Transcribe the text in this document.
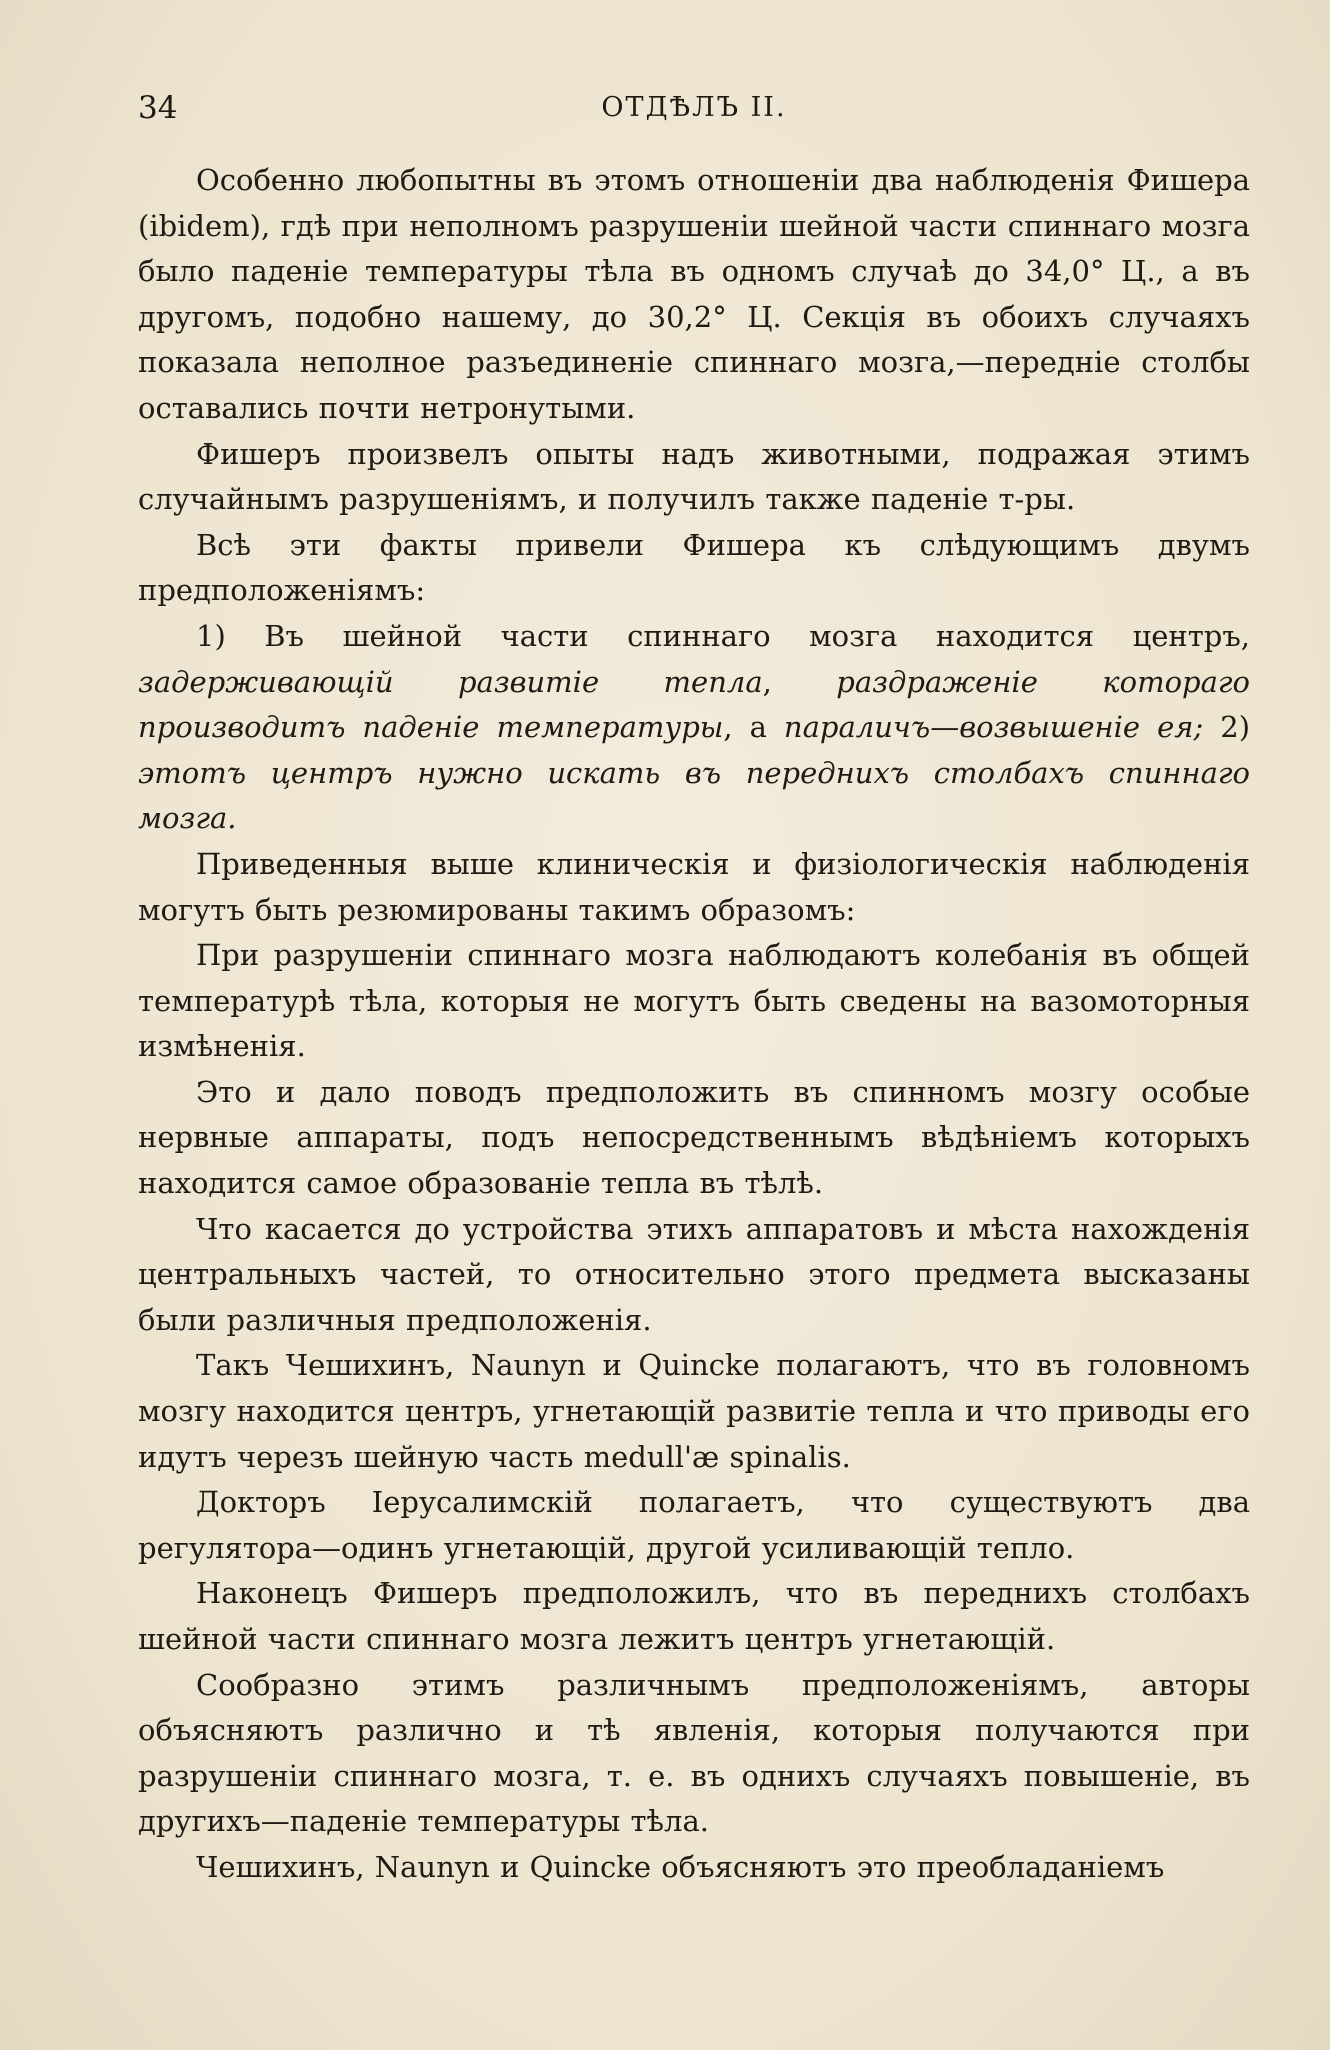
34	ОТДѢЛЪ II.

Особенно любопытны въ этомъ отношеніи два наблюденія Фишера (ibidem), гдѣ при неполномъ разрушеніи шейной части спиннаго мозга было паденіе температуры тѣла въ одномъ случаѣ до 34,0° Ц., а въ другомъ, подобно нашему, до 30,2° Ц. Секція въ обоихъ случаяхъ показала неполное разъединеніе спиннаго мозга,—передніе столбы оставались почти нетронутыми.

Фишеръ произвелъ опыты надъ животными, подражая этимъ случайнымъ разрушеніямъ, и получилъ также паденіе т-ры.

Всѣ эти факты привели Фишера къ слѣдующимъ двумъ предположеніямъ:

1) Въ шейной части спиннаго мозга находится центръ, задерживающій развитіе тепла, раздраженіе котораго производитъ паденіе температуры, а параличъ—возвышеніе ея; 2) этотъ центръ нужно искать въ переднихъ столбахъ спиннаго мозга.

Приведенныя выше клиническія и физіологическія наблюденія могутъ быть резюмированы такимъ образомъ:

При разрушеніи спиннаго мозга наблюдаютъ колебанія въ общей температурѣ тѣла, которыя не могутъ быть сведены на вазомоторныя измѣненія.

Это и дало поводъ предположить въ спинномъ мозгу особые нервные аппараты, подъ непосредственнымъ вѣдѣніемъ которыхъ находится самое образованіе тепла въ тѣлѣ.

Что касается до устройства этихъ аппаратовъ и мѣста нахожденія центральныхъ частей, то относительно этого предмета высказаны были различныя предположенія.

Такъ Чешихинъ, Naunyn и Quincke полагаютъ, что въ головномъ мозгу находится центръ, угнетающій развитіе тепла и что приводы его идутъ черезъ шейную часть medull'æ spinalis.

Докторъ Іерусалимскій полагаетъ, что существуютъ два регулятора—одинъ угнетающій, другой усиливающій тепло.

Наконецъ Фишеръ предположилъ, что въ переднихъ столбахъ шейной части спиннаго мозга лежитъ центръ угнетающій.

Сообразно этимъ различнымъ предположеніямъ, авторы объясняютъ различно и тѣ явленія, которыя получаются при разрушеніи спиннаго мозга, т. е. въ однихъ случаяхъ повышеніе, въ другихъ—паденіе температуры тѣла.

Чешихинъ, Naunyn и Quincke объясняютъ это преобладаніемъ
